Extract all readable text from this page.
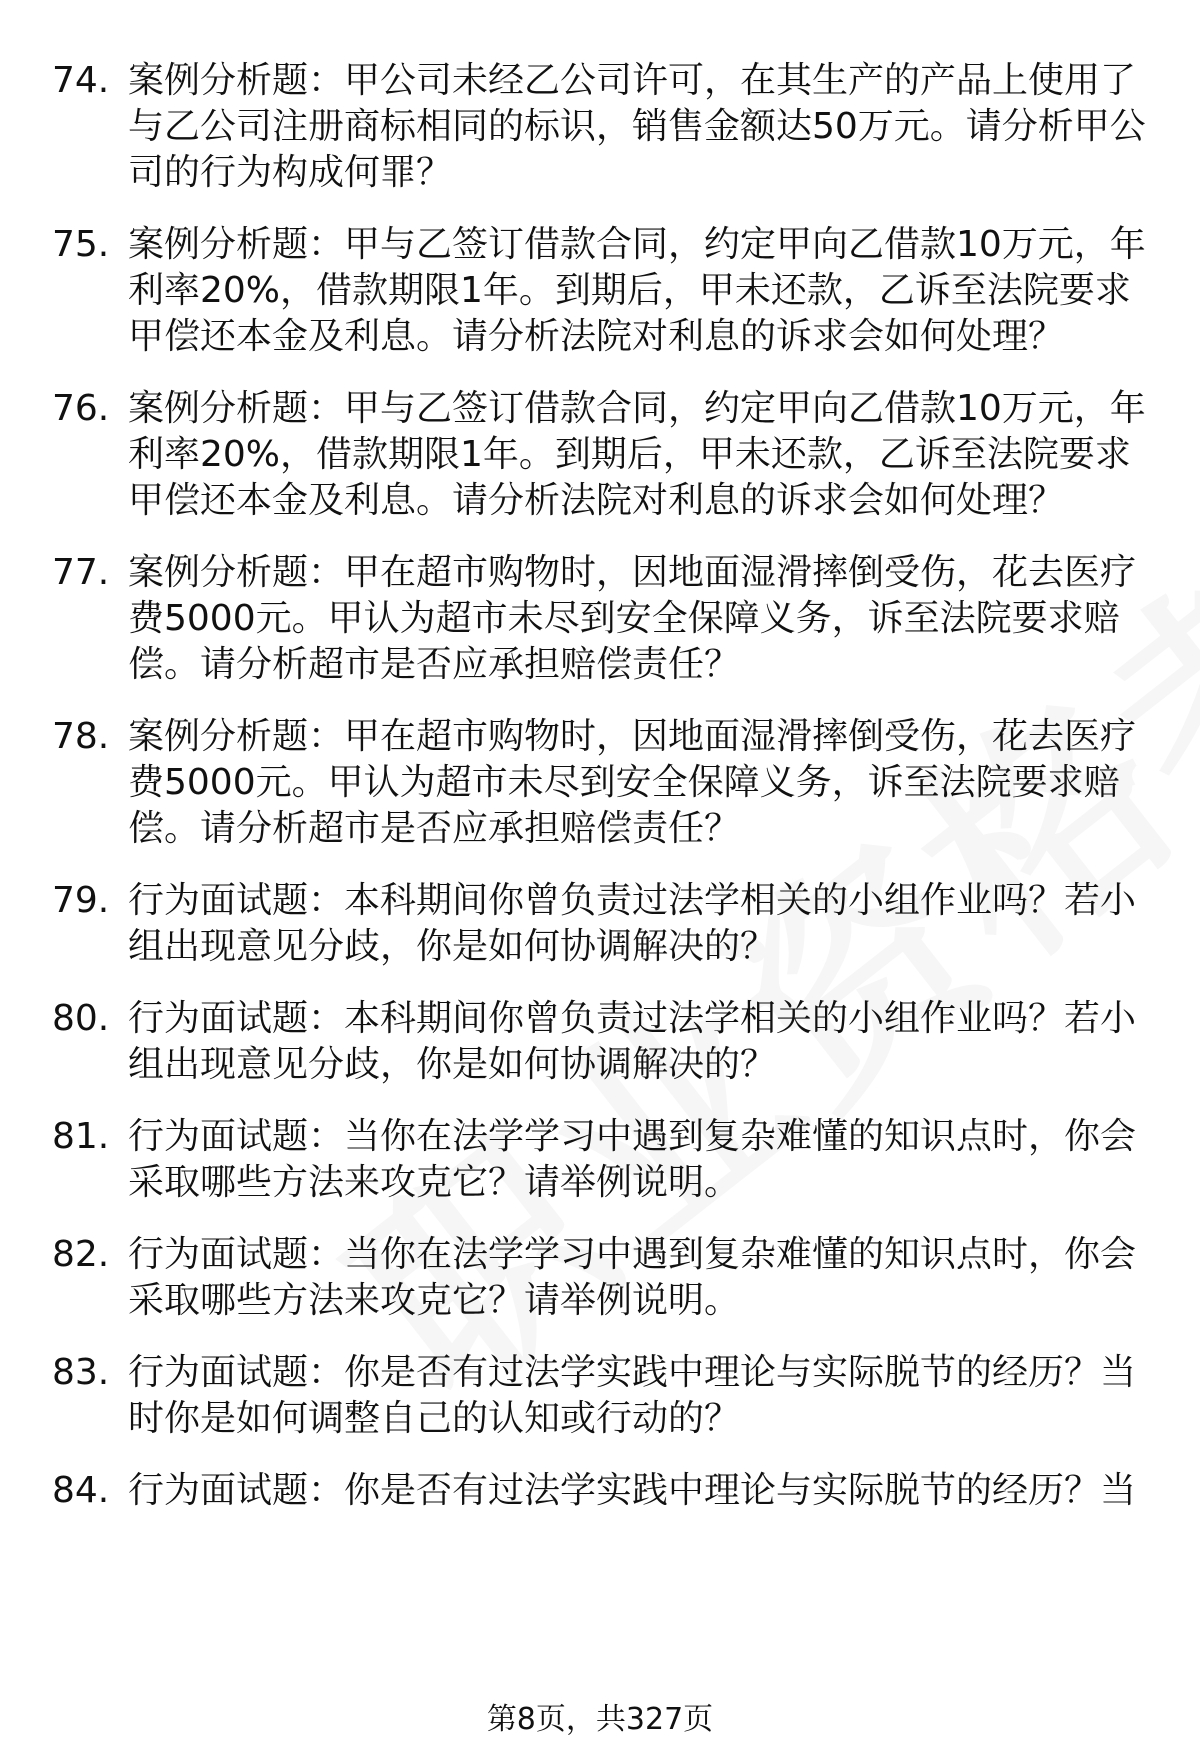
74. 案例分析题：甲公司未经乙公司许可，在其生产的产品上使用了与乙公司注册商标相同的标识，销售金额达50万元。请分析甲公司的行为构成何罪？
75. 案例分析题：甲与乙签订借款合同，约定甲向乙借款10万元，年利率20%，借款期限1年。到期后，甲未还款，乙诉至法院要求甲偿还本金及利息。请分析法院对利息的诉求会如何处理？
76. 案例分析题：甲与乙签订借款合同，约定甲向乙借款10万元，年利率20%，借款期限1年。到期后，甲未还款，乙诉至法院要求甲偿还本金及利息。请分析法院对利息的诉求会如何处理？
77. 案例分析题：甲在超市购物时，因地面湿滑摔倒受伤，花去医疗费5000元。甲认为超市未尽到安全保障义务，诉至法院要求赔偿。请分析超市是否应承担赔偿责任？
78. 案例分析题：甲在超市购物时，因地面湿滑摔倒受伤，花去医疗费5000元。甲认为超市未尽到安全保障义务，诉至法院要求赔偿。请分析超市是否应承担赔偿责任？
79. 行为面试题：本科期间你曾负责过法学相关的小组作业吗？若小组出现意见分歧，你是如何协调解决的？
80. 行为面试题：本科期间你曾负责过法学相关的小组作业吗？若小组出现意见分歧，你是如何协调解决的？
81. 行为面试题：当你在法学学习中遇到复杂难懂的知识点时，你会采取哪些方法来攻克它？请举例说明。
82. 行为面试题：当你在法学学习中遇到复杂难懂的知识点时，你会采取哪些方法来攻克它？请举例说明。
83. 行为面试题：你是否有过法学实践中理论与实际脱节的经历？当时你是如何调整自己的认知或行动的？
84. 行为面试题：你是否有过法学实践中理论与实际脱节的经历？当
第8页，共327页
